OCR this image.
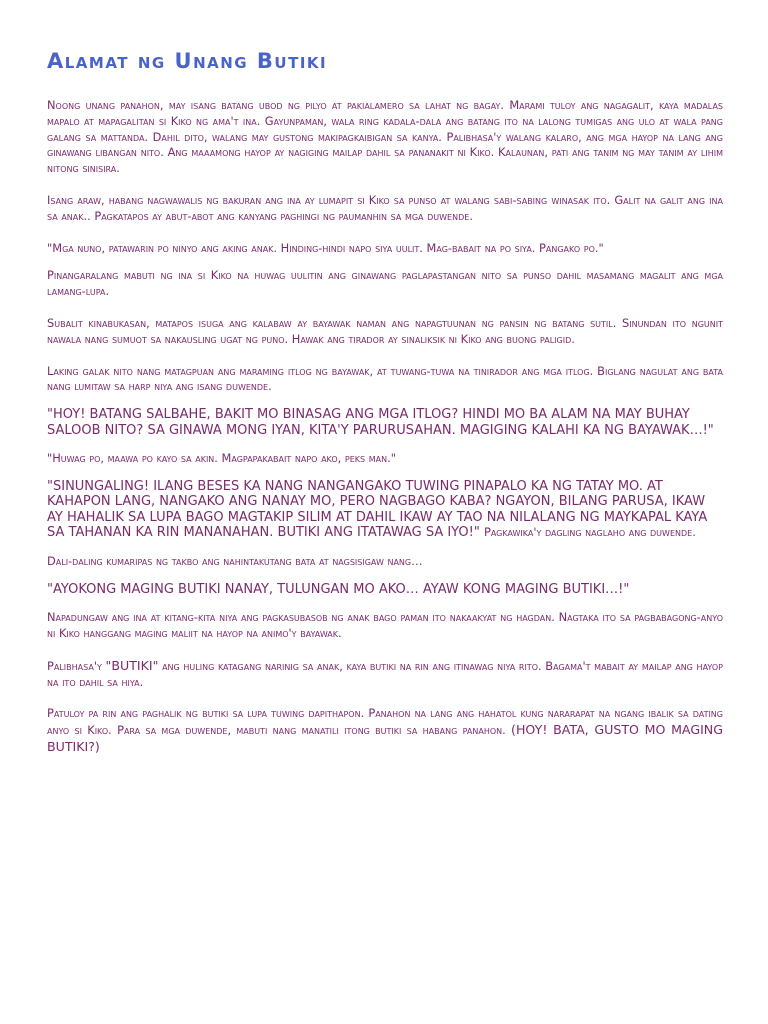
Alamat ng Unang Butiki

Noong unang panahon, may isang batang ubod ng pilyo at pakialamero sa lahat ng bagay. Marami tuloy ang nagagalit, kaya madalas mapalo at mapagalitan si Kiko ng ama't ina. Gayunpaman, wala ring kadala-dala ang batang ito na lalong tumigas ang ulo at wala pang galang sa mattanda. Dahil dito, walang may gustong makipagkaibigan sa kanya. Palibhasa'y walang kalaro, ang mga hayop na lang ang ginawang libangan nito. Ang maaamong hayop ay nagiging mailap dahil sa pananakit ni Kiko. Kalaunan, pati ang tanim ng may tanim ay lihim nitong sinisira.

Isang araw, habang nagwawalis ng bakuran ang ina ay lumapit si Kiko sa punso at walang sabi-sabing winasak ito. Galit na galit ang ina sa anak.. Pagkatapos ay abut-abot ang kanyang paghingi ng paumanhin sa mga duwende.

"Mga nuno, patawarin po ninyo ang aking anak. Hinding-hindi napo siya uulit. Mag-babait na po siya. Pangako po."

Pinangaralang mabuti ng ina si Kiko na huwag uulitin ang ginawang paglapastangan nito sa punso dahil masamang magalit ang mga lamang-lupa.

Subalit kinabukasan, matapos isuga ang kalabaw ay bayawak naman ang napagtuunan ng pansin ng batang sutil. Sinundan ito nguniт nawala nang sumuot sa nakausling ugat ng puno. Hawak ang tirador ay sinaliksik ni Kiko ang buong paligid.

Laking galak nito nang matagpuan ang maraming itlog ng bayawak, at tuwang-tuwa na tinirador ang mga itlog. Biglang nagulat ang bata nang lumitaw sa harp niya ang isang duwende.

"HOY! BATANG SALBAHE, BAKIT MO BINASAG ANG MGA ITLOG? HINDI MO BA ALAM NA MAY BUHAY SALOOB NITO? SA GINAWA MONG IYAN, KITA'Y PARURUSAHAN. MAGIGING KALAHI KA NG BAYAWAK…!"

"Huwag po, maawa po kayo sa akin. Magpapakabait napo ako, peks man."

"SINUNGALING! ILANG BESES KA NANG NANGANGAKO TUWING PINAPALO KA NG TATAY MO. AT KAHAPON LANG, NANGAKO ANG NANAY MO, PERO NAGBAGO KABA? NGAYON, BILANG PARUSA, IKAW AY HAHALIK SA LUPA BAGO MAGTAKIP SILIM AT DAHIL IKAW AY TAO NA NILALANG NG MAYKAPAL KAYA SA TAHANAN KA RIN MANANAHAN. BUTIKI ANG ITATAWAG SA IYO!" Pagkawika'y dagling naglaho ang duwende.

Dali-daling kumaripas ng takbo ang nahintakutang bata at nagsisigaw nang…

"AYOKONG MAGING BUTIKI NANAY, TULUNGAN MO AKO… AYAW KONG MAGING BUTIKI…!"

Napadungaw ang ina at kitang-kita niya ang pagkasubasob ng anak bago paman ito nakaakyat ng hagdan. Nagtaka ito sa pagbabagong-anyo ni Kiko hanggang maging maliit na hayop na animo'y bayawak.

Palibhasa'y "BUTIKI" ang huling katagang narinig sa anak, kaya butiki na rin ang itinawag niya rito. Bagama't mabait ay mailap ang hayop na ito dahil sa hiya.

Patuloy pa rin ang paghalik ng butiki sa lupa tuwing dapithapon. Panahon na lang ang hahatol kung nararapat na ngang ibalik sa dating anyo si Kiko. Para sa mga duwende, mabuti nang manatili itong butiki sa habang panahon. (HOY! BATA, GUSTO MO MAGING BUTIKI?)
